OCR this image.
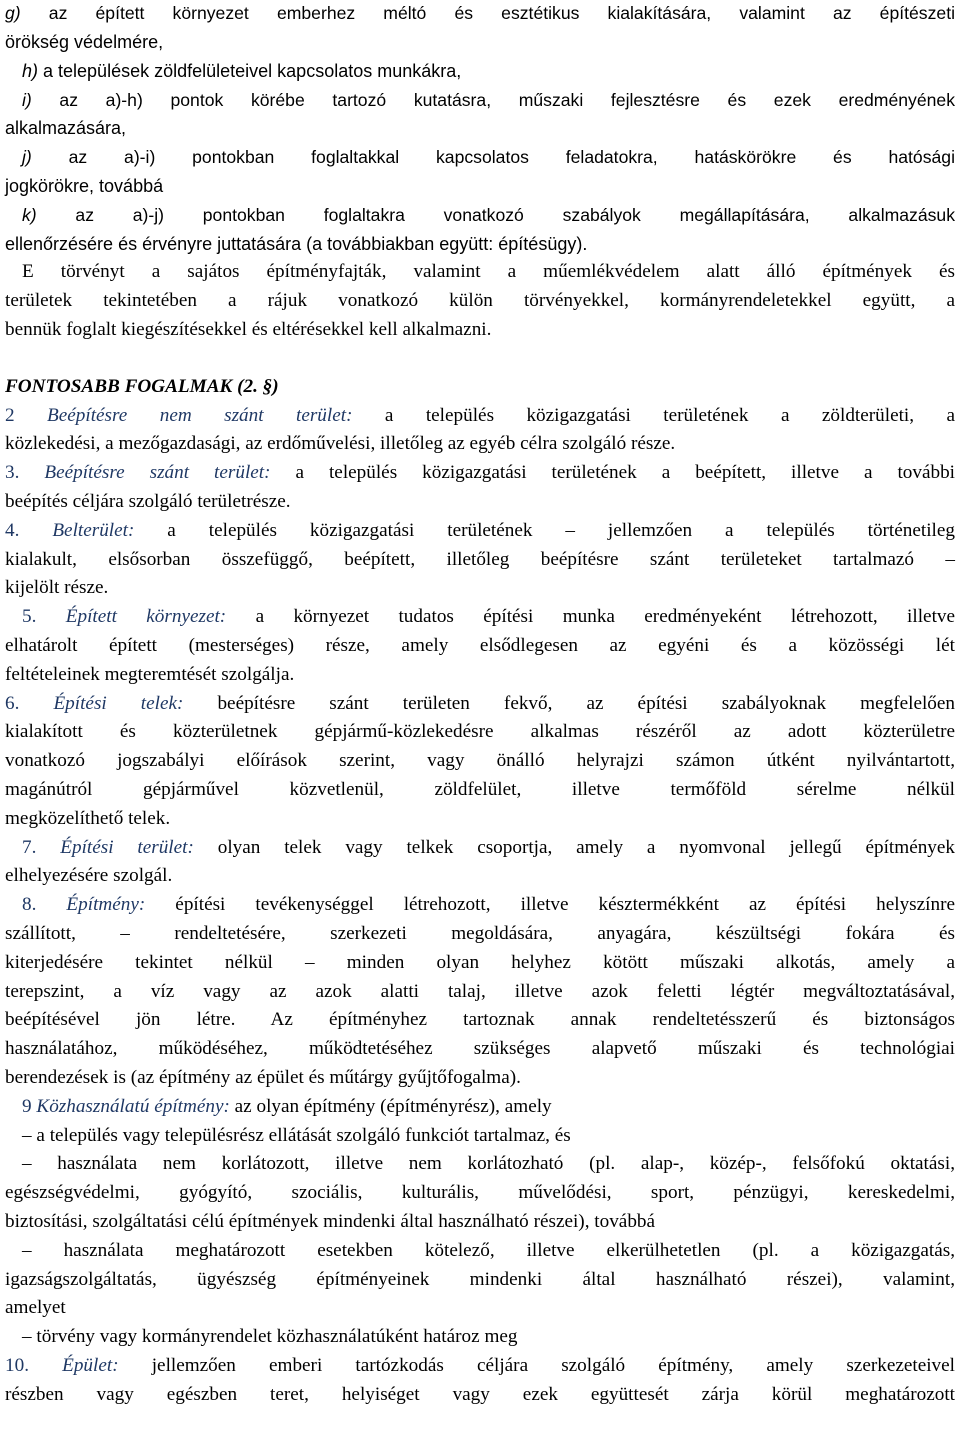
g) az épített környezet emberhez méltó és esztétikus kialakítására, valamint az építészeti
örökség védelmére,
h) a települések zöldfelületeivel kapcsolatos munkákra,
i) az a)-h) pontok körébe tartozó kutatásra, műszaki fejlesztésre és ezek eredményének
alkalmazására,
j) az a)-i) pontokban foglaltakkal kapcsolatos feladatokra, hatáskörökre és hatósági
jogkörökre, továbbá
k) az a)-j) pontokban foglaltakra vonatkozó szabályok megállapítására, alkalmazásuk
ellenőrzésére és érvényre juttatására (a továbbiakban együtt: építésügy).
E törvényt a sajátos építményfajták, valamint a műemlékvédelem alatt álló építmények és
területek tekintetében a rájuk vonatkozó külön törvényekkel, kormányrendeletekkel együtt, a
bennük foglalt kiegészítésekkel és eltérésekkel kell alkalmazni.
FONTOSABB FOGALMAK (2. §)
2 Beépítésre nem szánt terület: a település közigazgatási területének a zöldterületi, a
közlekedési, a mezőgazdasági, az erdőművelési, illetőleg az egyéb célra szolgáló része.
3. Beépítésre szánt terület: a település közigazgatási területének a beépített, illetve a további
beépítés céljára szolgáló területrésze.
4. Belterület: a település közigazgatási területének – jellemzően a település történetileg
kialakult, elsősorban összefüggő, beépített, illetőleg beépítésre szánt területeket tartalmazó –
kijelölt része.
5. Épített környezet: a környezet tudatos építési munka eredményeként létrehozott, illetve
elhatárolt épített (mesterséges) része, amely elsődlegesen az egyéni és a közösségi lét
feltételeinek megteremtését szolgálja.
6. Építési telek: beépítésre szánt területen fekvő, az építési szabályoknak megfelelően
kialakított és közterületnek gépjármű-közlekedésre alkalmas részéről az adott közterületre
vonatkozó jogszabályi előírások szerint, vagy önálló helyrajzi számon útként nyilvántartott,
magánútról gépjárművel közvetlenül, zöldfelület, illetve termőföld sérelme nélkül
megközelíthető telek.
7. Építési terület: olyan telek vagy telkek csoportja, amely a nyomvonal jellegű építmények
elhelyezésére szolgál.
8. Építmény: építési tevékenységgel létrehozott, illetve késztermékként az építési helyszínre
szállított, – rendeltetésére, szerkezeti megoldására, anyagára, készültségi fokára és
kiterjedésére tekintet nélkül – minden olyan helyhez kötött műszaki alkotás, amely a
terepszint, a víz vagy az azok alatti talaj, illetve azok feletti légtér megváltoztatásával,
beépítésével jön létre. Az építményhez tartoznak annak rendeltetésszerű és biztonságos
használatához, működéséhez, működtetéséhez szükséges alapvető műszaki és technológiai
berendezések is (az építmény az épület és műtárgy gyűjtőfogalma).
9 Közhasználatú építmény: az olyan építmény (építményrész), amely
– a település vagy településrész ellátását szolgáló funkciót tartalmaz, és
– használata nem korlátozott, illetve nem korlátozható (pl. alap-, közép-, felsőfokú oktatási,
egészségvédelmi, gyógyító, szociális, kulturális, művelődési, sport, pénzügyi, kereskedelmi,
biztosítási, szolgáltatási célú építmények mindenki által használható részei), továbbá
– használata meghatározott esetekben kötelező, illetve elkerülhetetlen (pl. a közigazgatás,
igazságszolgáltatás, ügyészség építményeinek mindenki által használható részei), valamint,
amelyet
– törvény vagy kormányrendelet közhasználatúként határoz meg
10. Épület: jellemzően emberi tartózkodás céljára szolgáló építmény, amely szerkezeteivel
részben vagy egészben teret, helyiséget vagy ezek együttesét zárja körül meghatározott
